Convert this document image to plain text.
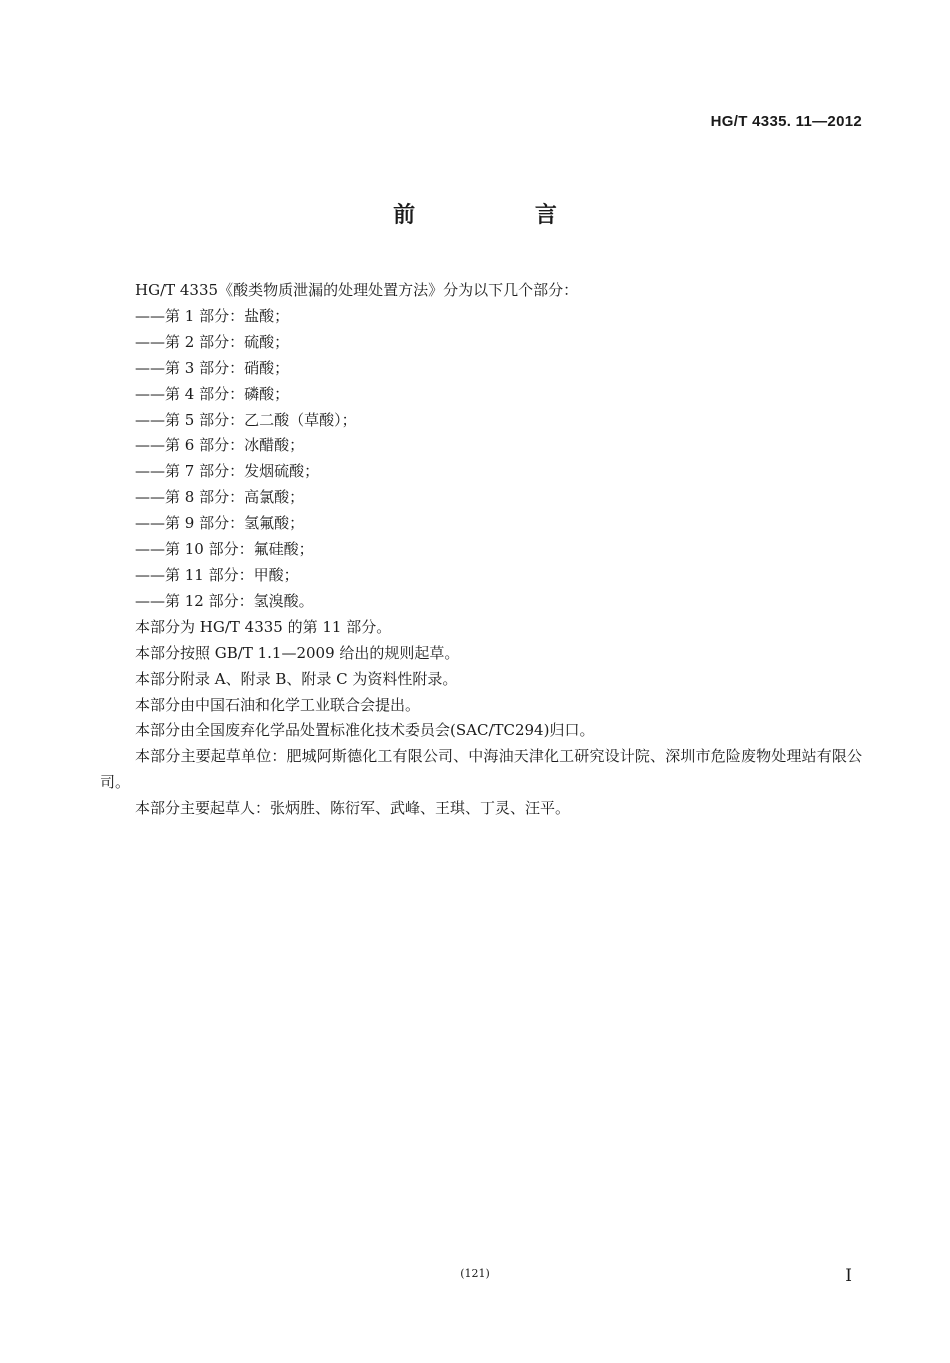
HG/T 4335. 11—2012
前 言

HG/T 4335《酸类物质泄漏的处理处置方法》分为以下几个部分：

——第 1 部分：盐酸；
——第 2 部分：硫酸；
——第 3 部分：硝酸；
——第 4 部分：磷酸；
——第 5 部分：乙二酸（草酸）；
——第 6 部分：冰醋酸；
——第 7 部分：发烟硫酸；
——第 8 部分：高氯酸；
——第 9 部分：氢氟酸；
——第 10 部分：氟硅酸；
——第 11 部分：甲酸；
——第 12 部分：氢溴酸。

本部分为 HG/T 4335 的第 11 部分。

本部分按照 GB/T 1.1—2009 给出的规则起草。

本部分附录 A、附录 B、附录 C 为资料性附录。

本部分由中国石油和化学工业联合会提出。

本部分由全国废弃化学品处置标准化技术委员会(SAC/TC294)归口。

本部分主要起草单位：肥城阿斯德化工有限公司、中海油天津化工研究设计院、深圳市危险废物处理站有限公司。

本部分主要起草人：张炳胜、陈衍军、武峰、王琪、丁灵、汪平。

(121)	I
